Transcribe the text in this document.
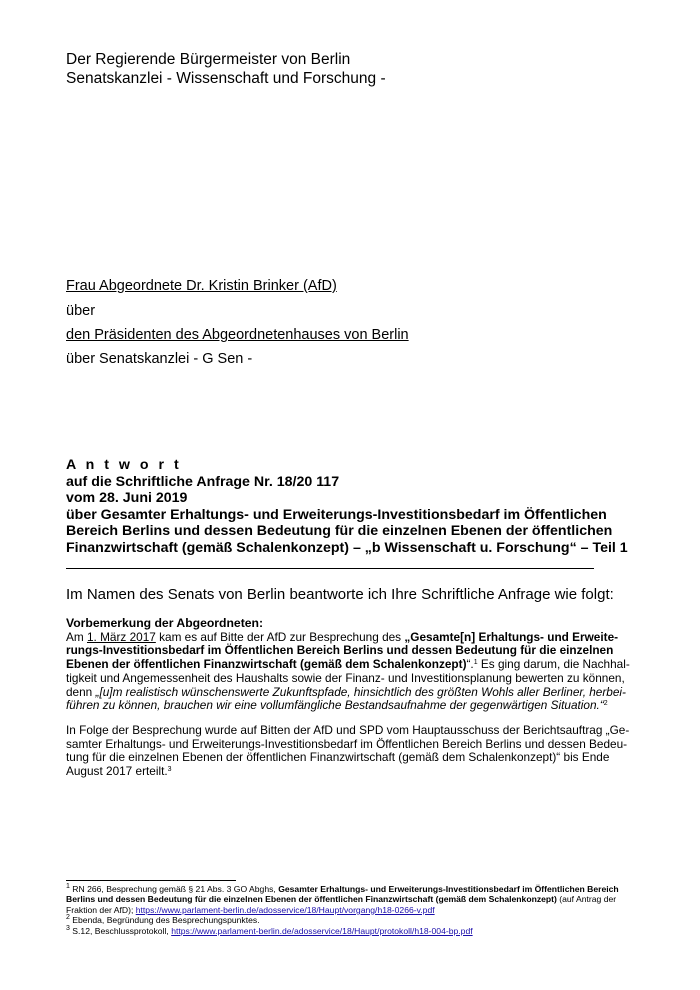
Der Regierende Bürgermeister von Berlin
Senatskanzlei - Wissenschaft und Forschung -
Frau Abgeordnete Dr. Kristin Brinker (AfD)
über
den Präsidenten des Abgeordnetenhauses von Berlin
über Senatskanzlei - G Sen -
A n t w o r t
auf die Schriftliche Anfrage Nr. 18/20 117
vom 28. Juni 2019
über Gesamter Erhaltungs- und Erweiterungs-Investitionsbedarf im Öffentlichen
Bereich Berlins und dessen Bedeutung für die einzelnen Ebenen der öffentlichen
Finanzwirtschaft (gemäß Schalenkonzept) – „b Wissenschaft u. Forschung“ – Teil 1
Im Namen des Senats von Berlin beantworte ich Ihre Schriftliche Anfrage wie folgt:
Vorbemerkung der Abgeordneten:
Am 1. März 2017 kam es auf Bitte der AfD zur Besprechung des „Gesamte[n] Erhaltungs- und Erweite-rungs-Investitionsbedarf im Öffentlichen Bereich Berlins und dessen Bedeutung für die einzelnen Ebenen der öffentlichen Finanzwirtschaft (gemäß dem Schalenkonzept)“.$^1$ Es ging darum, die Nachhal-tigkeit und Angemessenheit des Haushalts sowie der Finanz- und Investitionsplanung bewerten zu können, denn „[u]m realistisch wünschenswerte Zukunftspfade, hinsichtlich des größten Wohls aller Berliner, herbei-führen zu können, brauchen wir eine vollumfängliche Bestandsaufnahme der gegenwärtigen Situation.“$^2$
In Folge der Besprechung wurde auf Bitten der AfD und SPD vom Hauptausschuss der Berichtsauftrag „Ge-samter Erhaltungs- und Erweiterungs-Investitionsbedarf im Öffentlichen Bereich Berlins und dessen Bedeu-tung für die einzelnen Ebenen der öffentlichen Finanzwirtschaft (gemäß dem Schalenkonzept)“ bis Ende August 2017 erteilt.$^3$
$^1$ RN 266, Besprechung gemäß § 21 Abs. 3 GO Abghs, Gesamter Erhaltungs- und Erweiterungs-Investitionsbedarf im Öffentlichen Bereich Berlins und dessen Bedeutung für die einzelnen Ebenen der öffentlichen Finanzwirtschaft (gemäß dem Schalenkonzept) (auf Antrag der Fraktion der AfD); https://www.parlament-berlin.de/adosservice/18/Haupt/vorgang/h18-0266-v.pdf
$^2$ Ebenda, Begründung des Besprechungspunktes.
$^3$ S.12, Beschlussprotokoll, https://www.parlament-berlin.de/adosservice/18/Haupt/protokoll/h18-004-bp.pdf
